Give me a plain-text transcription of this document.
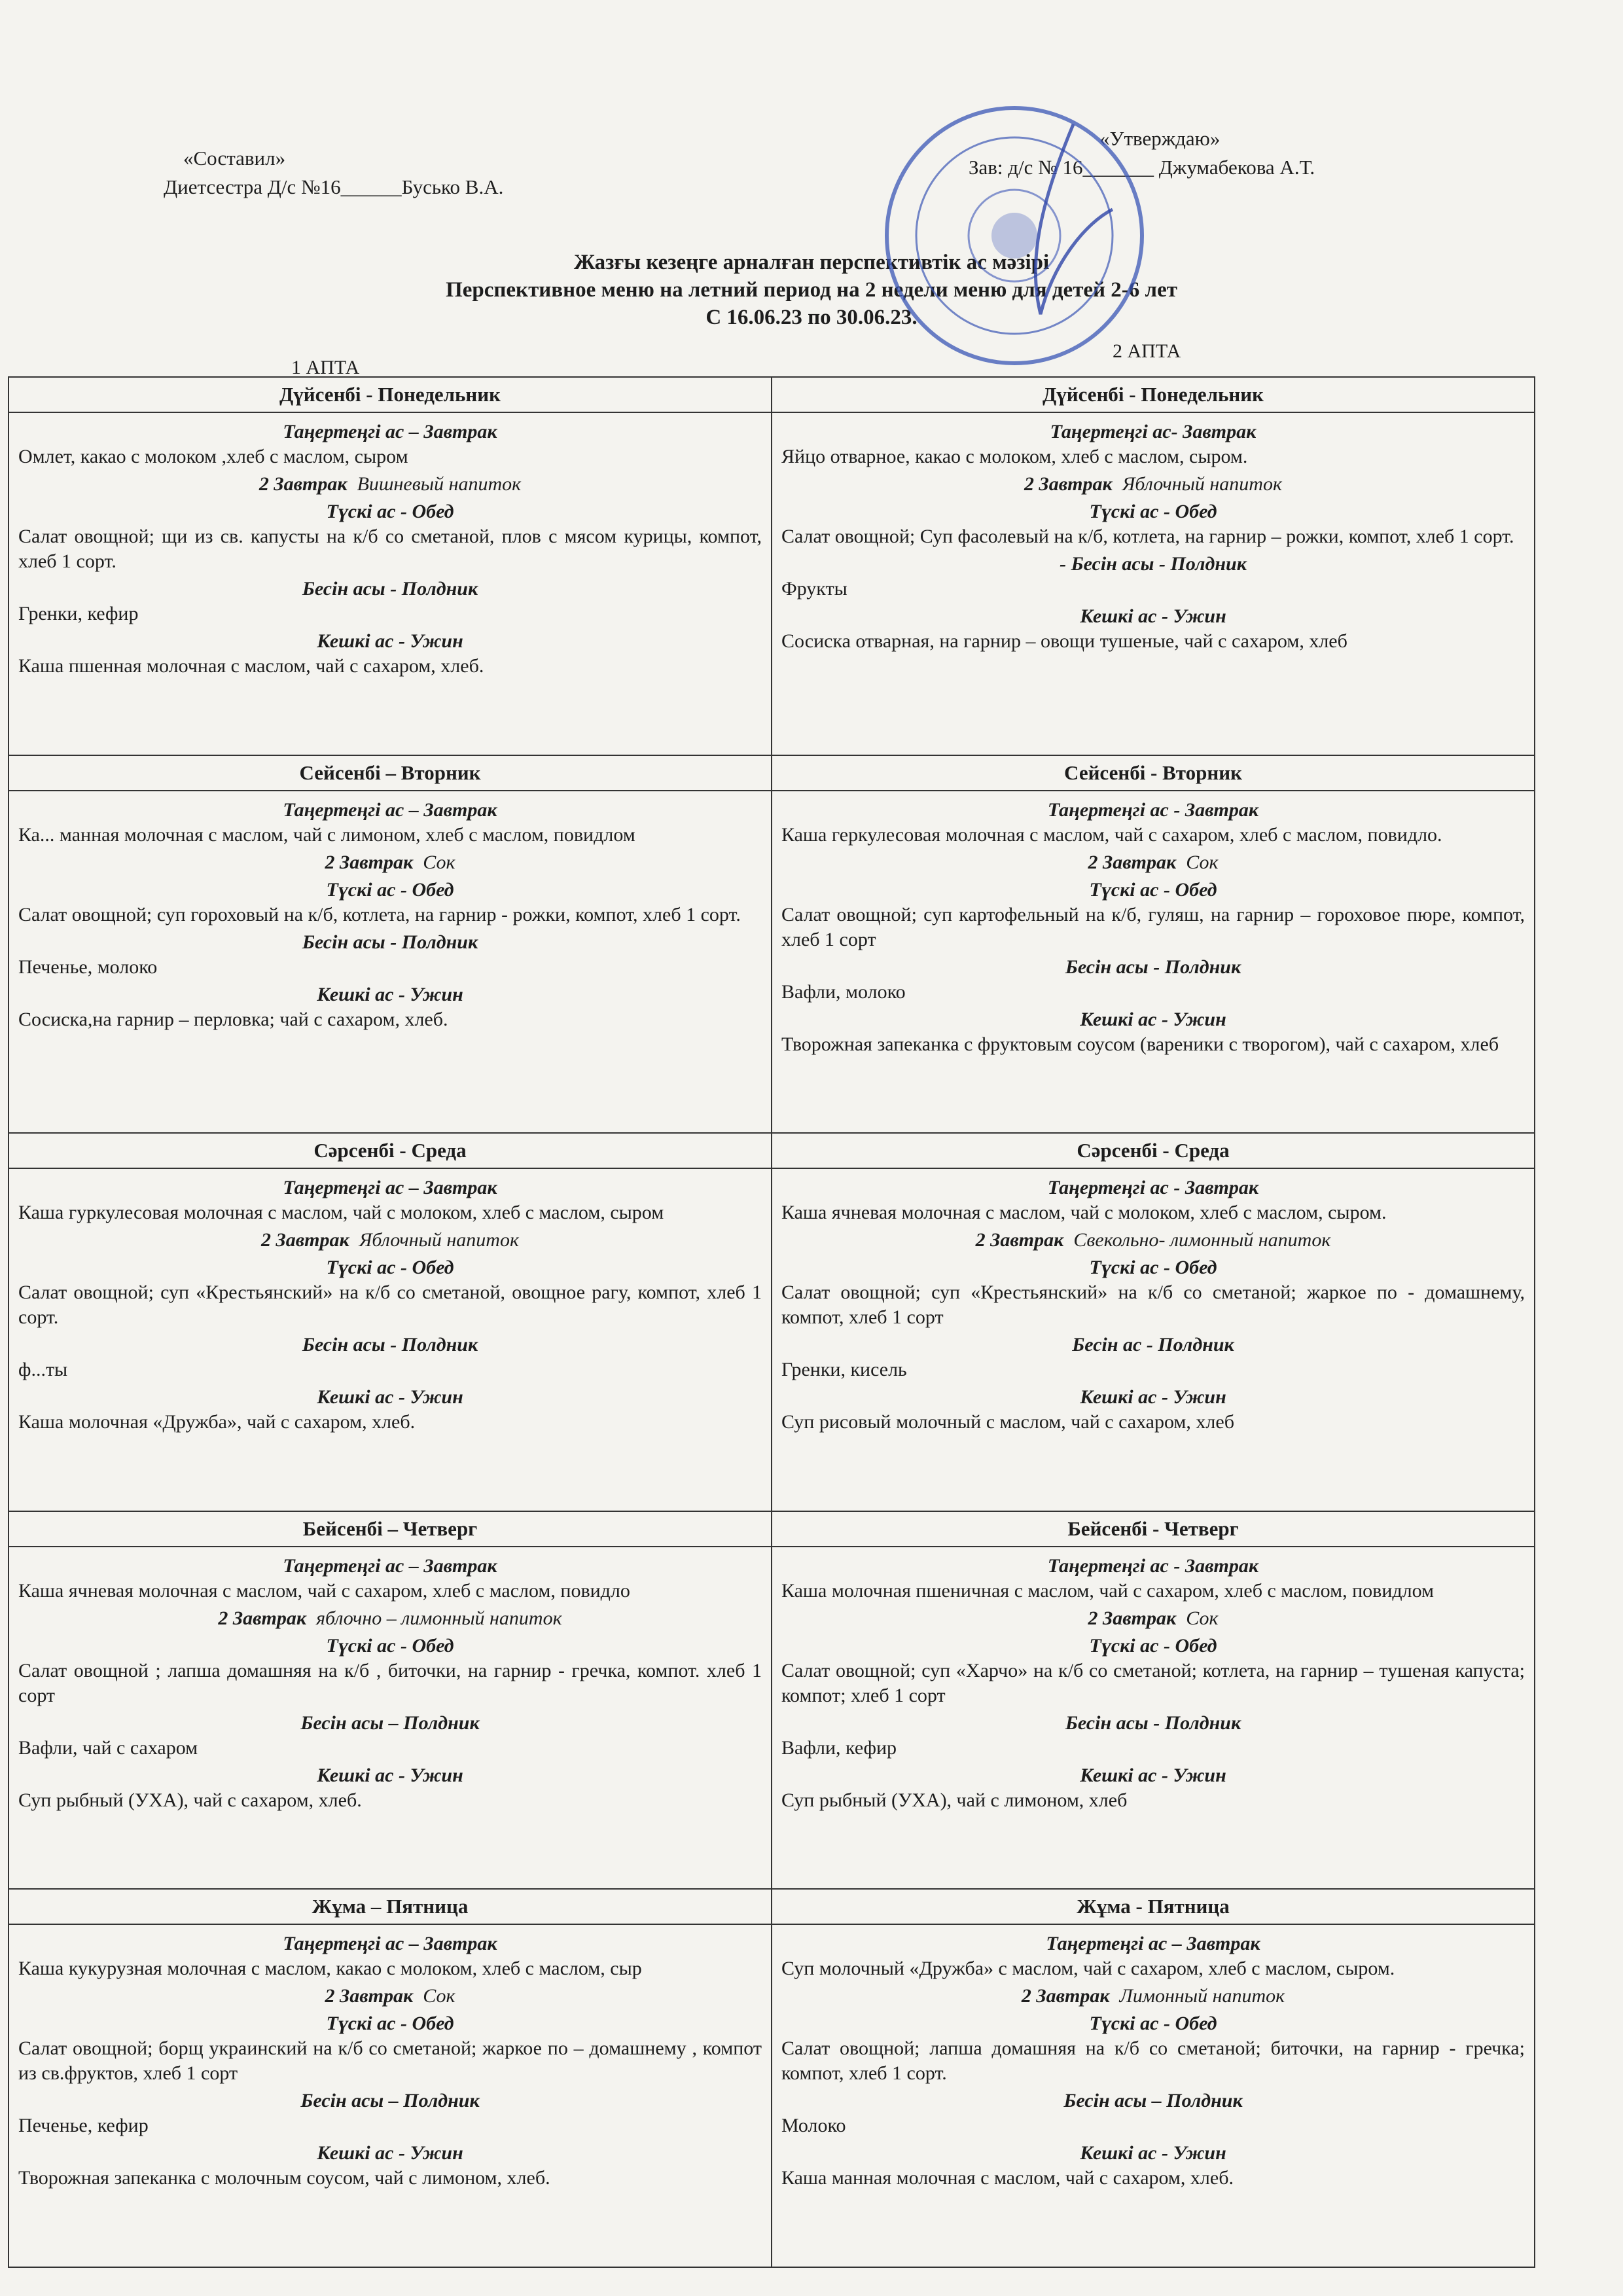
«Составил»
Диетсестра Д/с №16______Бусько В.А.
«Утверждаю»
Зав: д/с № 16_______ Джумабекова А.Т.
Жазғы кезеңге арналған перспективтік ас мәзірі
Перспективное меню на летний период на 2 недели меню для детей 2-6 лет
С 16.06.23 по 30.06.23.
1 АПТА
2 АПТА
Дүйсенбі - Понедельник
Таңертеңгі ас – Завтрак
Омлет, какао с молоком ,хлеб с маслом, сыром
2 Завтрак Вишневый напиток
Түскі ас - Обед
Салат овощной; щи из св. капусты на к/б со сметаной, плов с мясом курицы, компот, хлеб 1 сорт.
Бесін асы - Полдник
Гренки, кефир
Кешкі ас - Ужин
Каша пшенная молочная с маслом, чай с сахаром, хлеб.
Сейсенбі – Вторник
Таңертеңгі ас – Завтрак
Ка... манная молочная с маслом, чай с лимоном, хлеб с маслом, повидлом
2 Завтрак Сок
Түскі ас - Обед
Салат овощной; суп гороховый на к/б, котлета, на гарнир - рожки, компот, хлеб 1 сорт.
Бесін асы - Полдник
Печенье, молоко
Кешкі ас - Ужин
Сосиска,на гарнир – перловка; чай с сахаром, хлеб.
Сәрсенбі - Среда
Таңертеңгі ас – Завтрак
Каша гуркулесовая молочная с маслом, чай с молоком, хлеб с маслом, сыром
2 Завтрак Яблочный напиток
Түскі ас - Обед
Салат овощной; суп «Крестьянский» на к/б со сметаной, овощное рагу, компот, хлеб 1 сорт.
Бесін асы - Полдник
ф...ты
Кешкі ас - Ужин
Каша молочная «Дружба», чай с сахаром, хлеб.
Бейсенбі – Четверг
Таңертеңгі ас – Завтрак
Каша ячневая молочная с маслом, чай с сахаром, хлеб с маслом, повидло
2 Завтрак яблочно – лимонный напиток
Түскі ас - Обед
Салат овощной ; лапша домашняя на к/б , биточки, на гарнир - гречка, компот. хлеб 1 сорт
Бесін асы – Полдник
Вафли, чай с сахаром
Кешкі ас - Ужин
Суп рыбный (УХА), чай с сахаром, хлеб.
Жұма – Пятница
Таңертеңгі ас – Завтрак
Каша кукурузная молочная с маслом, какао с молоком, хлеб с маслом, сыр
2 Завтрак Сок
Түскі ас - Обед
Салат овощной; борщ украинский на к/б со сметаной; жаркое по – домашнему , компот из св.фруктов, хлеб 1 сорт
Бесін асы – Полдник
Печенье, кефир
Кешкі ас - Ужин
Творожная запеканка с молочным соусом, чай с лимоном, хлеб.
Дүйсенбі - Понедельник
Таңертеңгі ас- Завтрак
Яйцо отварное, какао с молоком, хлеб с маслом, сыром.
2 Завтрак Яблочный напиток
Түскі ас - Обед
Салат овощной; Суп фасолевый на к/б, котлета, на гарнир – рожки, компот, хлеб 1 сорт.
- Бесін асы - Полдник
Фрукты
Кешкі ас - Ужин
Сосиска отварная, на гарнир – овощи тушеные, чай с сахаром, хлеб
Сейсенбі - Вторник
Таңертеңгі ас - Завтрак
Каша геркулесовая молочная с маслом, чай с сахаром, хлеб с маслом, повидло.
2 Завтрак Сок
Түскі ас - Обед
Салат овощной; суп картофельный на к/б, гуляш, на гарнир – гороховое пюре, компот, хлеб 1 сорт
Бесін асы - Полдник
Вафли, молоко
Кешкі ас - Ужин
Творожная запеканка с фруктовым соусом (вареники с творогом), чай с сахаром, хлеб
Сәрсенбі - Среда
Таңертеңгі ас - Завтрак
Каша ячневая молочная с маслом, чай с молоком, хлеб с маслом, сыром.
2 Завтрак Свекольно- лимонный напиток
Түскі ас - Обед
Салат овощной; суп «Крестьянский» на к/б со сметаной; жаркое по - домашнему, компот, хлеб 1 сорт
Бесін ас - Полдник
Гренки, кисель
Кешкі ас - Ужин
Суп рисовый молочный с маслом, чай с сахаром, хлеб
Бейсенбі - Четверг
Таңертеңгі ас - Завтрак
Каша молочная пшеничная с маслом, чай с сахаром, хлеб с маслом, повидлом
2 Завтрак Сок
Түскі ас - Обед
Салат овощной; суп «Харчо» на к/б со сметаной; котлета, на гарнир – тушеная капуста; компот; хлеб 1 сорт
Бесін асы - Полдник
Вафли, кефир
Кешкі ас - Ужин
Суп рыбный (УХА), чай с лимоном, хлеб
Жұма - Пятница
Таңертеңгі ас – Завтрак
Суп молочный «Дружба» с маслом, чай с сахаром, хлеб с маслом, сыром.
2 Завтрак Лимонный напиток
Түскі ас - Обед
Салат овощной; лапша домашняя на к/б со сметаной; биточки, на гарнир - гречка; компот, хлеб 1 сорт.
Бесін асы – Полдник
Молоко
Кешкі ас - Ужин
Каша манная молочная с маслом, чай с сахаром, хлеб.
